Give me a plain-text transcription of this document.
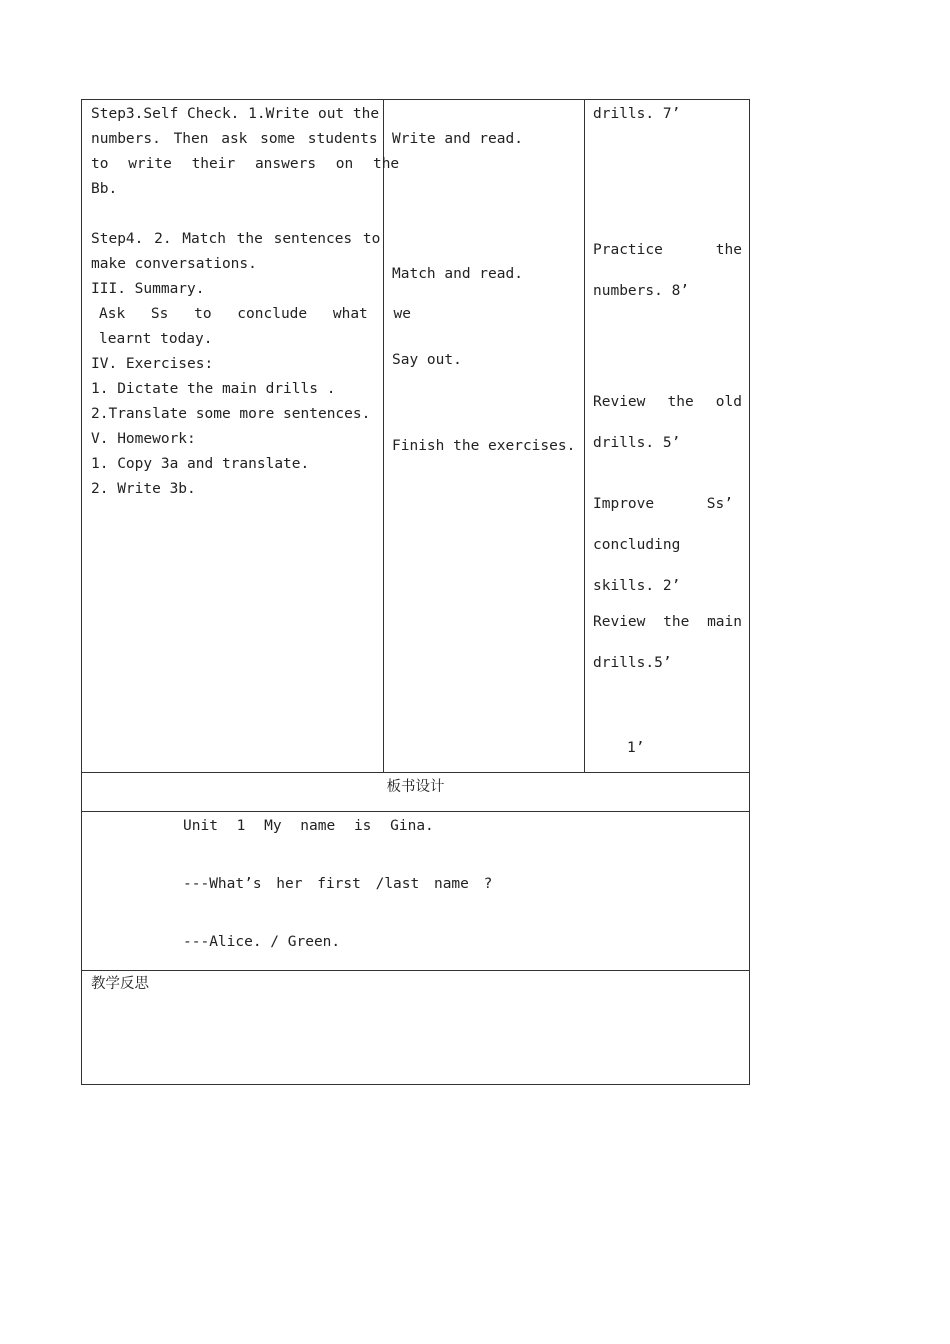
Step3.Self Check. 1.Write out the
numbers. Then ask some students
to write their answers on the
Bb.
Step4. 2. Match the sentences to
make conversations.
III. Summary.
Ask Ss to conclude what we
learnt today.
IV. Exercises:
1. Dictate the main drills .
2.Translate some more sentences.
V. Homework:
1. Copy 3a and translate.
2. Write 3b.
Write and read.
Match and read.
Say out.
Finish the exercises.
drills. 7’
Practice the
numbers. 8’
Review the old
drills. 5’
Improve Ss’
concluding
skills. 2’
Review the main
drills.5’
1’
板书设计
Unit 1 My name is Gina.
---What’s her first /last name ?
---Alice. / Green.
教学反思
